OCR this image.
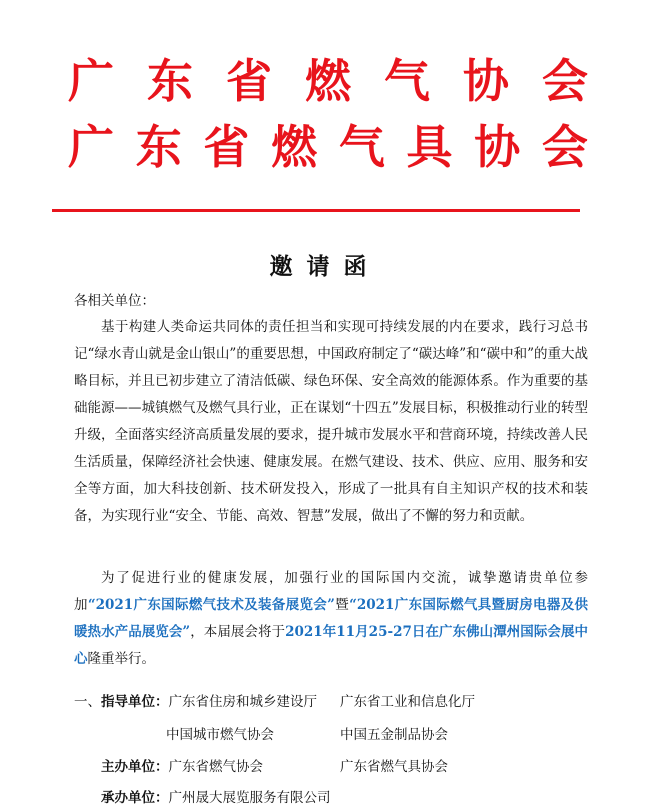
广 东 省 燃 气 协 会
广 东 省 燃 气 具 协 会
邀请函
各相关单位：
基于构建人类命运共同体的责任担当和实现可持续发展的内在要求，践行习总书记“绿水青山就是金山银山”的重要思想，中国政府制定了“碳达峰”和“碳中和”的重大战略目标，并且已初步建立了清洁低碳、绿色环保、安全高效的能源体系。作为重要的基础能源——城镇燃气及燃气具行业，正在谋划“十四五”发展目标，积极推动行业的转型升级，全面落实经济高质量发展的要求，提升城市发展水平和营商环境，持续改善人民生活质量，保障经济社会快速、健康发展。在燃气建设、技术、供应、应用、服务和安全等方面，加大科技创新、技术研发投入，形成了一批具有自主知识产权的技术和装备，为实现行业“安全、节能、高效、智慧”发展，做出了不懈的努力和贡献。
为了促进行业的健康发展，加强行业的国际国内交流，诚挚邀请贵单位参加“2021广东国际燃气技术及装备展览会”暨“2021广东国际燃气具暨厨房电器及供暖热水产品展览会”，本届展会将于2021年11月25-27日在广东佛山潭州国际会展中心隆重举行。
一、指导单位：广东省住房和城乡建设厅 广东省工业和信息化厅
中国城市燃气协会	中国五金制品协会
主办单位：广东省燃气协会	广东省燃气具协会
承办单位：广州晟大展览服务有限公司
